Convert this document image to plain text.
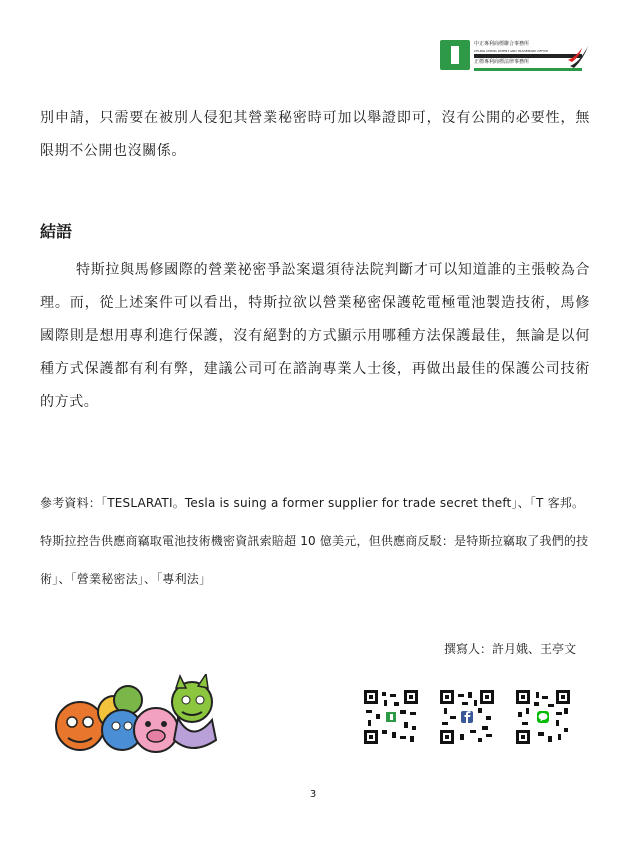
中正專利商標聯合事務所
CHUNG CHENG PATENT AND TRADEMARK OFFICE
正標專利商標法律事務所

別申請，只需要在被別人侵犯其營業秘密時可加以舉證即可，沒有公開的必要性，無限期不公開也沒關係。

結語

特斯拉與馬修國際的營業祕密爭訟案還須待法院判斷才可以知道誰的主張較為合理。而，從上述案件可以看出，特斯拉欲以營業秘密保護乾電極電池製造技術，馬修國際則是想用專利進行保護，沒有絕對的方式顯示用哪種方法保護最佳，無論是以何種方式保護都有利有弊，建議公司可在諮詢專業人士後，再做出最佳的保護公司技術的方式。

參考資料：「TESLARATI。Tesla is suing a former supplier for trade secret theft」、「T 客邦。特斯拉控告供應商竊取電池技術機密資訊索賠超 10 億美元，但供應商反駁：是特斯拉竊取了我們的技術」、「營業秘密法」、「專利法」

撰寫人：許月娥、王亭文

3
